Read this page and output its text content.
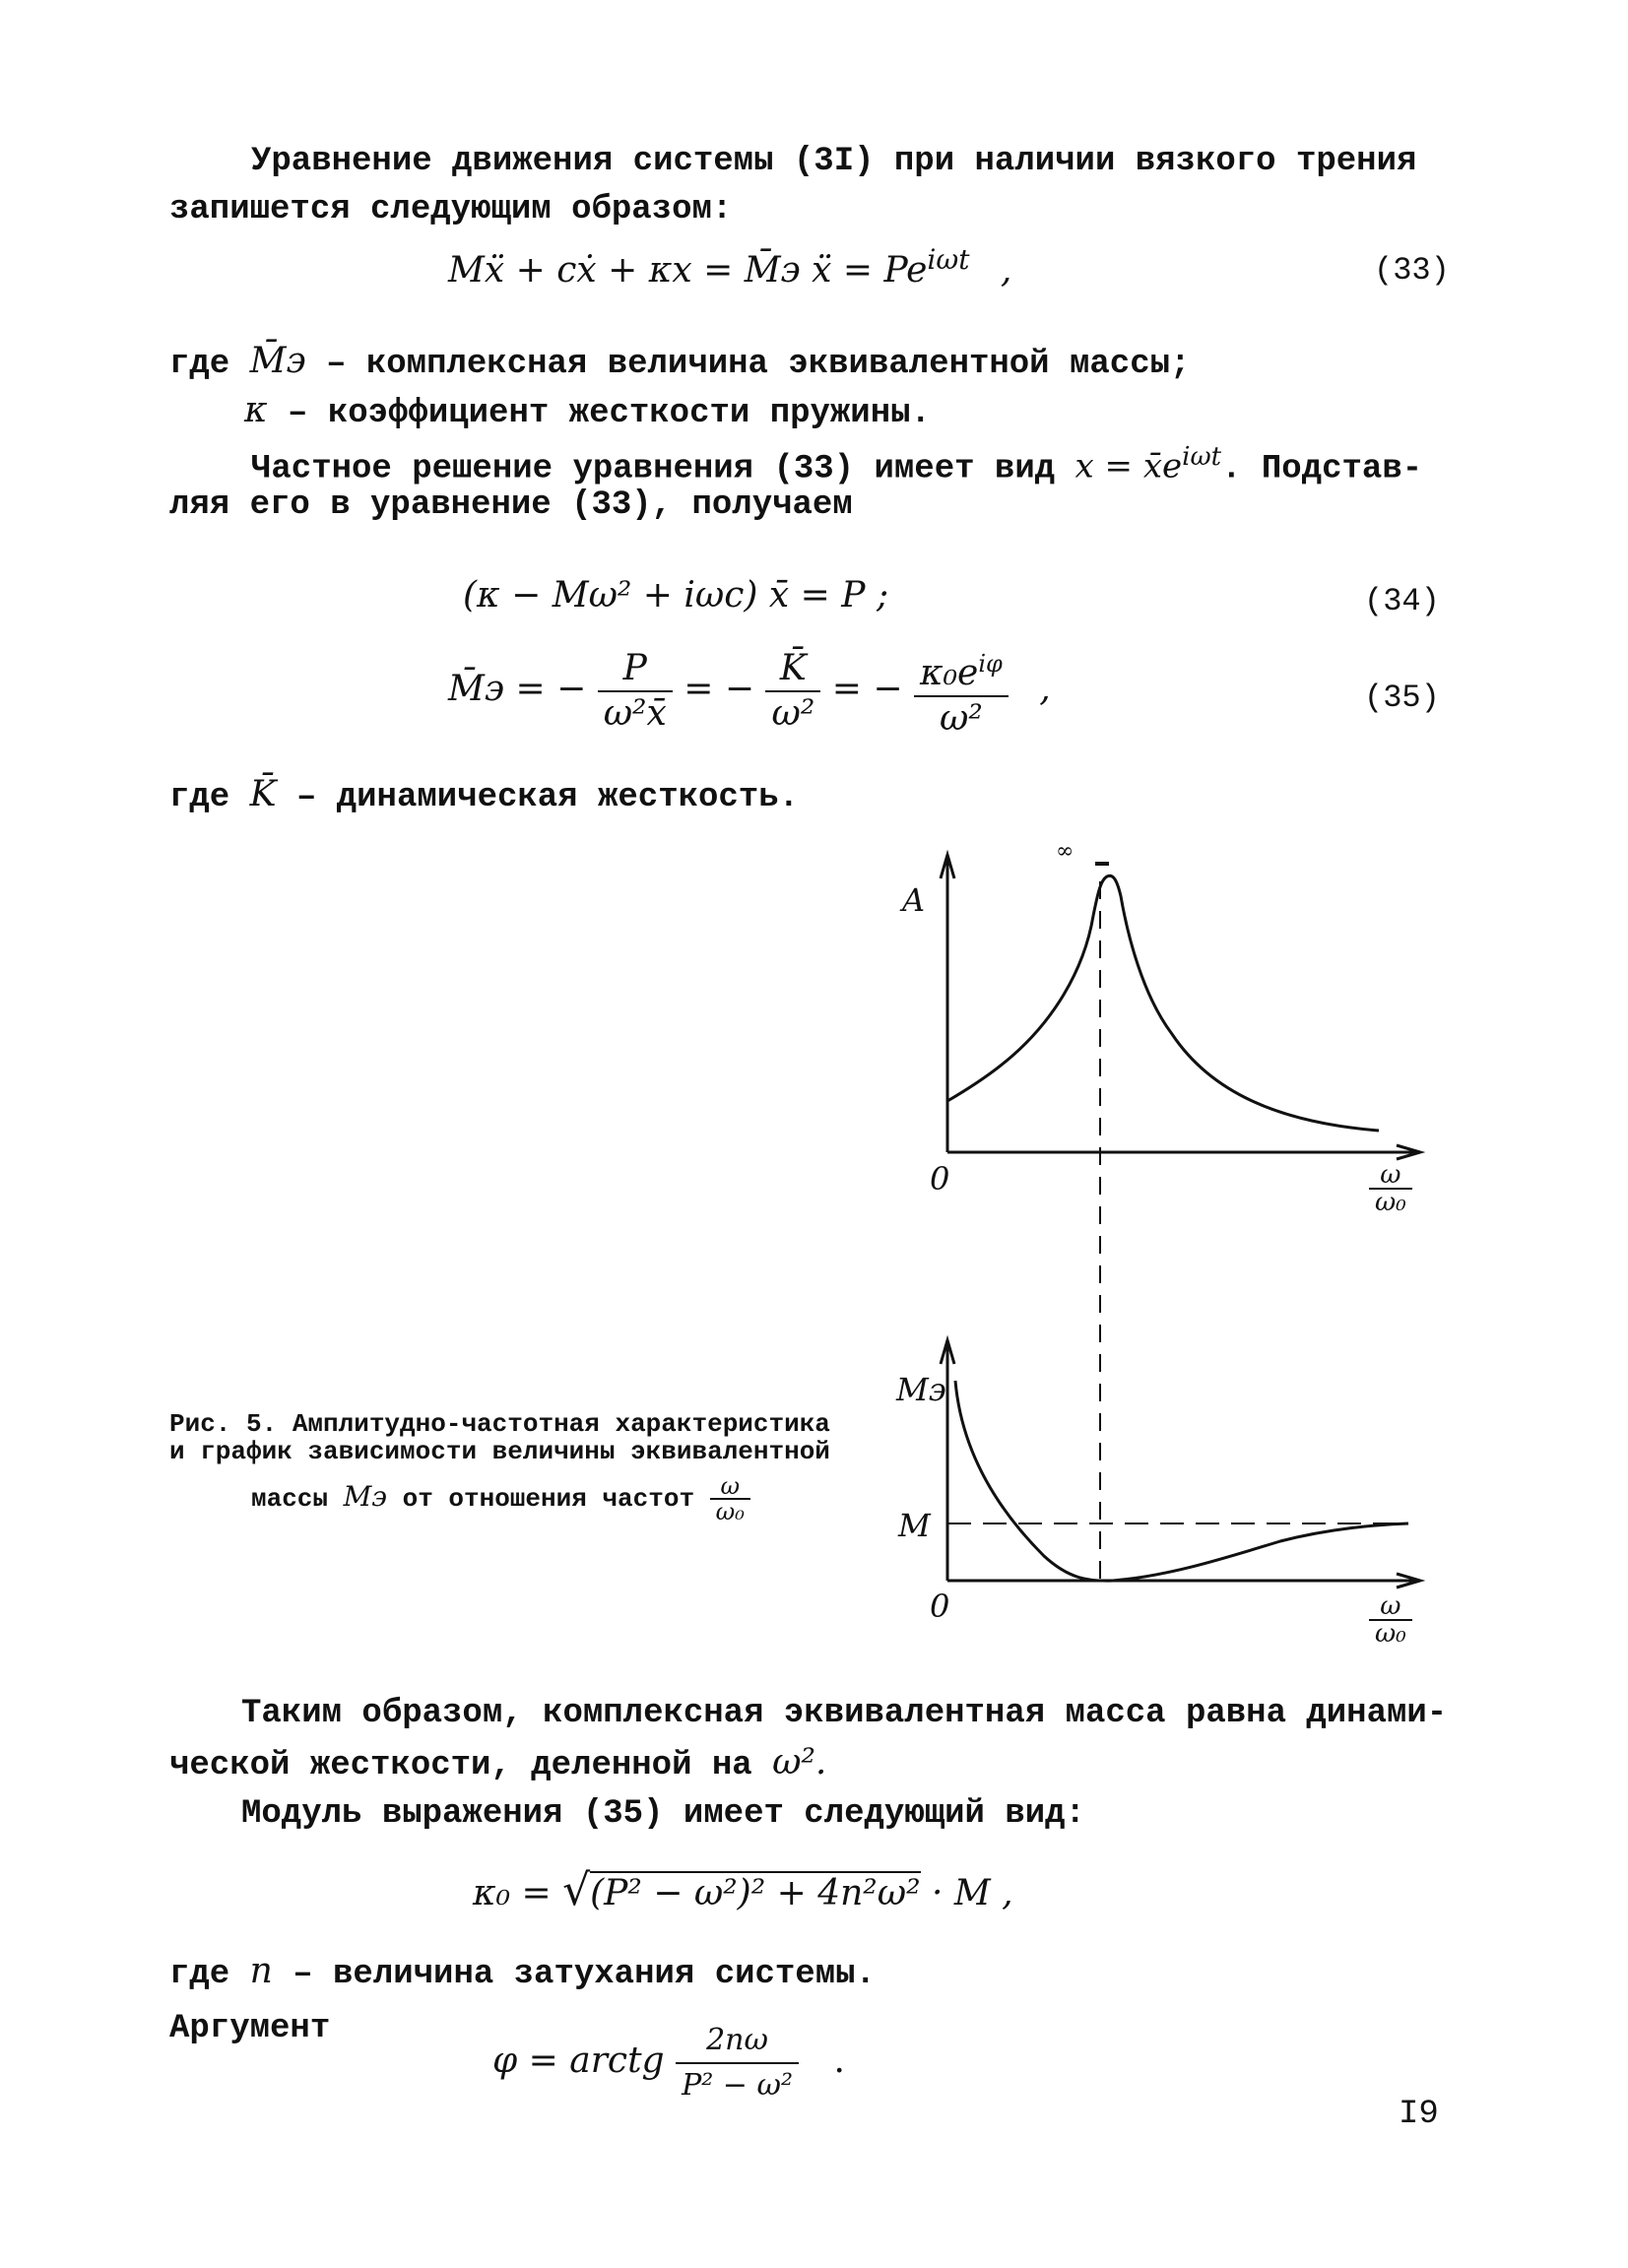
Уравнение движения системы (3I) при наличии вязкого трения
запишется следующим образом:
Mẍ + cẋ + κx = M̄э ẍ = $Pe^{i\omega t}$ ,	(33)
где M̄э – комплексная величина эквивалентной массы;
κ – коэффициент жесткости пружины.
Частное решение уравнения (33) имеет вид $x = x̄e^{i\omega t}$. Подстав-
ляя его в уравнение (33), получаем
(κ − Mω² + iωc) x̄ = P ;	(34)
M̄э = − $\frac{P}{\text{ω²x̄}}$ = − $\frac{K̄}{\text{ω²}}$ = − $\frac{\kappa_0e^{i\varphi}}{\text{ω²}}$ ,	(35)
где K̄ – динамическая жесткость.
A
∞
0	$\frac{\omega}{\text{ω₀}}$
Mэ
M
0	$\frac{\omega}{\text{ω₀}}$
Рис. 5. Амплитудно-частотная характеристика
и график зависимости величины эквивалентной
массы Mэ от отношения частот $\frac{\omega}{\text{ω₀}}$
Таким образом, комплексная эквивалентная масса равна динами-
ческой жесткости, деленной на ω².
Модуль выражения (35) имеет следующий вид:
κ₀ = √(P² − ω²)² + 4n²ω² · M ,
где n – величина затухания системы.
Аргумент
φ = arctg $\frac{2n\omega}{\text{P² − ω²}}$ .
I9
